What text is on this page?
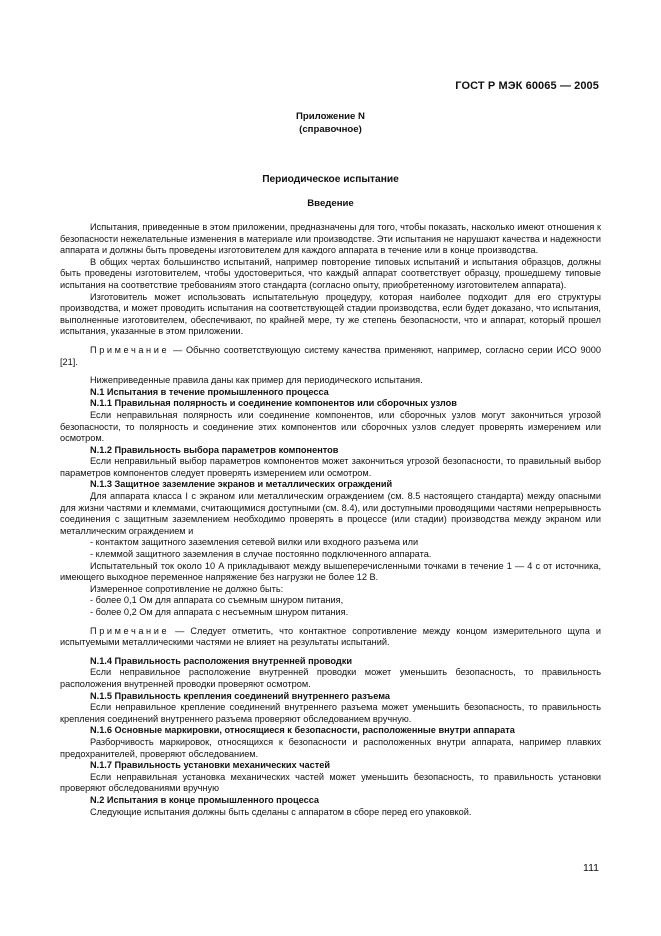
ГОСТ Р МЭК 60065 — 2005
Приложение N
(справочное)
Периодическое испытание
Введение

Испытания, приведенные в этом приложении, предназначены для того, чтобы показать, насколько имеют отношения к безопасности нежелательные изменения в материале или производстве. Эти испытания не нарушают качества и надежности аппарата и должны быть проведены изготовителем для каждого аппарата в течение или в конце производства.

В общих чертах большинство испытаний, например повторение типовых испытаний и испытания образцов, должны быть проведены изготовителем, чтобы удостовериться, что каждый аппарат соответствует образцу, прошедшему типовые испытания на соответствие требованиям этого стандарта (согласно опыту, приобретенному изготовителем аппарата).

Изготовитель может использовать испытательную процедуру, которая наиболее подходит для его структуры производства, и может проводить испытания на соответствующей стадии производства, если будет доказано, что испытания, выполненные изготовителем, обеспечивают, по крайней мере, ту же степень безопасности, что и аппарат, который прошел испытания, указанные в этом приложении.

Примечание — Обычно соответствующую систему качества применяют, например, согласно серии ИСО 9000 [21].

Нижеприведенные правила даны как пример для периодического испытания.

N.1 Испытания в течение промышленного процесса
N.1.1 Правильная полярность и соединение компонентов или сборочных узлов

Если неправильная полярность или соединение компонентов, или сборочных узлов могут закончиться угрозой безопасности, то полярность и соединение этих компонентов или сборочных узлов следует проверять измерением или осмотром.

N.1.2 Правильность выбора параметров компонентов

Если неправильный выбор параметров компонентов может закончиться угрозой безопасности, то правильный выбор параметров компонентов следует проверять измерением или осмотром.

N.1.3 Защитное заземление экранов и металлических ограждений

Для аппарата класса I с экраном или металлическим ограждением (см. 8.5 настоящего стандарта) между опасными для жизни частями и клеммами, считающимися доступными (см. 8.4), или доступными проводящими частями непрерывность соединения с защитным заземлением необходимо проверять в процессе (или стадии) производства между экраном или металлическим ограждением и

- контактом защитного заземления сетевой вилки или входного разъема или

- клеммой защитного заземления в случае постоянно подключенного аппарата.

Испытательный ток около 10 А прикладывают между вышеперечисленными точками в течение 1 — 4 с от источника, имеющего выходное переменное напряжение без нагрузки не более 12 В.

Измеренное сопротивление не должно быть:

- более 0,1 Ом для аппарата со съемным шнуром питания,

- более 0,2 Ом для аппарата с несъемным шнуром питания.

Примечание — Следует отметить, что контактное сопротивление между концом измерительного щупа и испытуемыми металлическими частями не влияет на результаты испытаний.

N.1.4 Правильность расположения внутренней проводки

Если неправильное расположение внутренней проводки может уменьшить безопасность, то правильность расположения внутренней проводки проверяют осмотром.

N.1.5 Правильность крепления соединений внутреннего разъема

Если неправильное крепление соединений внутреннего разъема может уменьшить безопасность, то правильность крепления соединений внутреннего разъема проверяют обследованием вручную.

N.1.6 Основные маркировки, относящиеся к безопасности, расположенные внутри аппарата

Разборчивость маркировок, относящихся к безопасности и расположенных внутри аппарата, например плавких предохранителей, проверяют обследованием.

N.1.7 Правильность установки механических частей

Если неправильная установка механических частей может уменьшить безопасность, то правильность установки проверяют обследованиями вручную

N.2 Испытания в конце промышленного процесса

Следующие испытания должны быть сделаны с аппаратом в сборе перед его упаковкой.

111
